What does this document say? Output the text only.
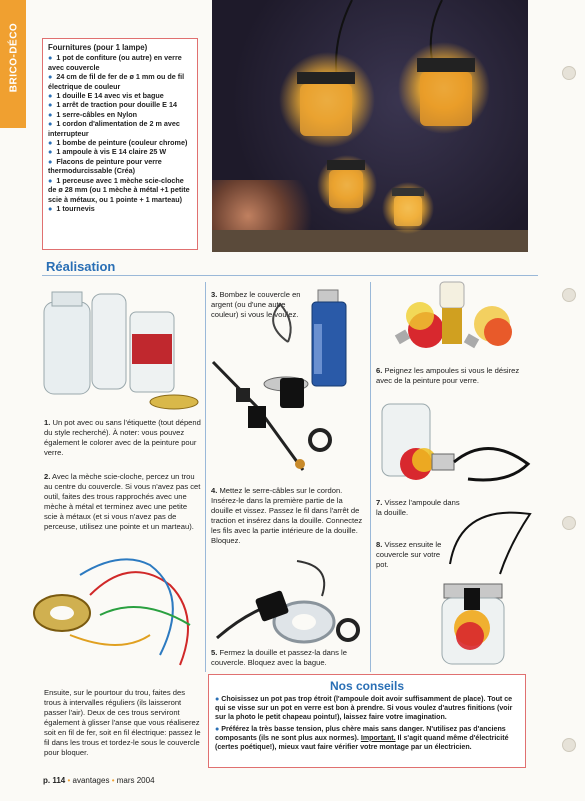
BRICO-DÉCO	Fournitures (pour 1 lampe)
● 1 pot de confiture (ou autre) en verre avec couvercle
● 24 cm de fil de fer de ø 1 mm ou de fil électrique de couleur
● 1 douille E 14 avec vis et bague
● 1 arrêt de traction pour douille E 14
● 1 serre-câbles en Nylon
● 1 cordon d'alimentation de 2 m avec interrupteur
● 1 bombe de peinture (couleur chrome)
● 1 ampoule à vis E 14 claire 25 W
● Flacons de peinture pour verre thermodurcissable (Créa)
● 1 perceuse avec 1 mèche scie-cloche de ø 28 mm (ou 1 mèche à métal +1 petite scie à métaux, ou 1 pointe + 1 marteau)
● 1 tournevis
Réalisation
1. Un pot avec ou sans l'étiquette (tout dépend du style recherché). À noter: vous pouvez également le colorer avec de la peinture pour verre.
2. Avec la mèche scie-cloche, percez un trou au centre du couvercle. Si vous n'avez pas cet outil, faites des trous rapprochés avec une mèche à métal et terminez avec une petite scie à métaux (et si vous n'avez pas de perceuse, utilisez une pointe et un marteau).
Ensuite, sur le pourtour du trou, faites des trous à intervalles réguliers (ils laisseront passer l'air). Deux de ces trous serviront également à glisser l'anse que vous réaliserez soit en fil de fer, soit en fil électrique: passez le fil dans les trous et tordez-le sous le couvercle pour bloquer.
3. Bombez le couvercle en argent (ou d'une autre couleur) si vous le voulez.
4. Mettez le serre-câbles sur le cordon. Insérez-le dans la première partie de la douille et vissez. Passez le fil dans l'arrêt de traction et insérez dans la douille. Connectez les fils avec la partie intérieure de la douille. Bloquez.
5. Fermez la douille et passez-la dans le couvercle. Bloquez avec la bague.
6. Peignez les ampoules si vous le désirez avec de la peinture pour verre.
7. Vissez l'ampoule dans la douille.
8. Vissez ensuite le couvercle sur votre pot.
Nos conseils

● Choisissez un pot pas trop étroit (l'ampoule doit avoir suffisamment de place). Tout ce qui se visse sur un pot en verre est bon à prendre. Si vous voulez d'autres finitions (voir sur la photo le petit chapeau pointu!), laissez faire votre imagination.

● Préférez la très basse tension, plus chère mais sans danger. N'utilisez pas d'anciens composants (ils ne sont plus aux normes). Important. Il s'agit quand même d'électricité (certes poétique!), mieux vaut faire vérifier votre montage par un électricien.

p. 114 • avantages • mars 2004
